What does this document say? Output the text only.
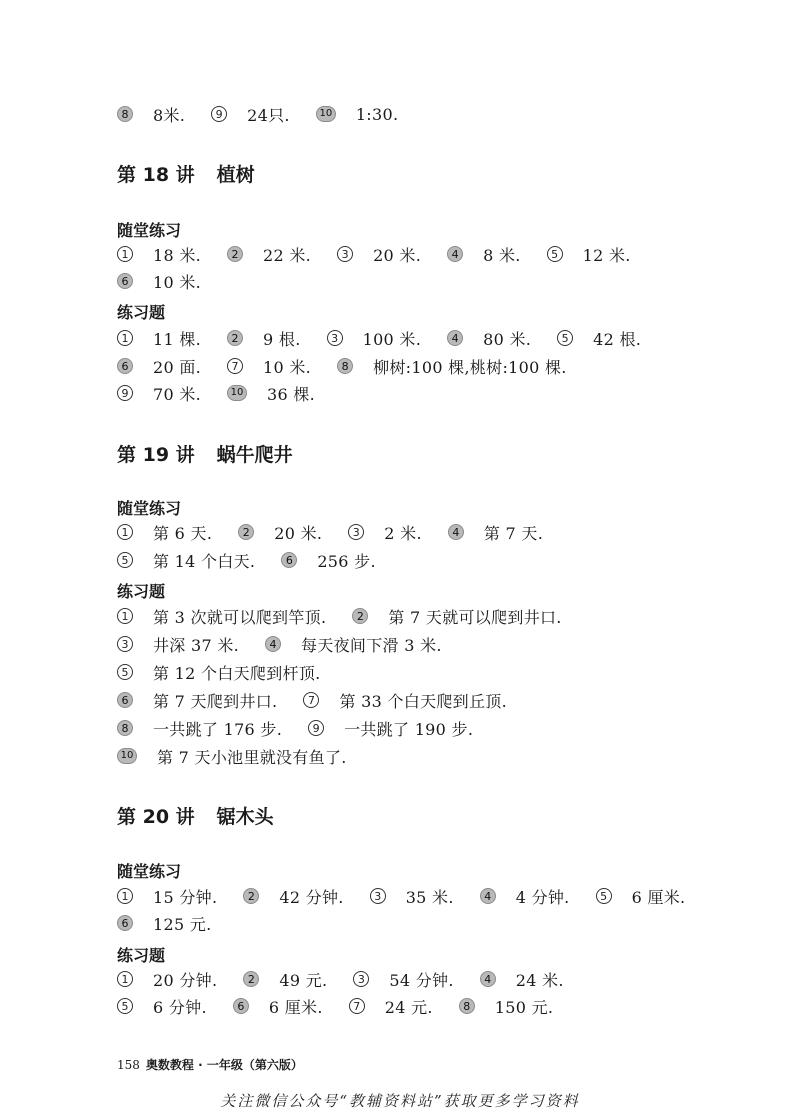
8 8米.	9 24只.	10 1:30.
第 18 讲 植树
随堂练习
1 18 米.	2 22 米.	3 20 米.	4 8 米.	5 12 米.
6 10 米.
练习题
1 11 棵.	2 9 根.	3 100 米.	4 80 米.	5 42 根.
6 20 面.	7 10 米.	8 柳树:100 棵,桃树:100 棵.
9 70 米.	10 36 棵.
第 19 讲 蜗牛爬井
随堂练习
1 第 6 天.	2 20 米.	3 2 米.	4 第 7 天.
5 第 14 个白天.	6 256 步.
练习题
1 第 3 次就可以爬到竿顶.	2 第 7 天就可以爬到井口.
3 井深 37 米.	4 每天夜间下滑 3 米.
5 第 12 个白天爬到杆顶.
6 第 7 天爬到井口.	7 第 33 个白天爬到丘顶.
8 一共跳了 176 步.	9 一共跳了 190 步.
10 第 7 天小池里就没有鱼了.
第 20 讲 锯木头
随堂练习
1 15 分钟.	2 42 分钟.	3 35 米.	4 4 分钟.	5 6 厘米.
6 125 元.
练习题
1 20 分钟.	2 49 元.	3 54 分钟.	4 24 米.
5 6 分钟.	6 6 厘米.	7 24 元.	8 150 元.
158 奥数教程 · 一年级（第六版）
关注微信公众号“教辅资料站”获取更多学习资料
